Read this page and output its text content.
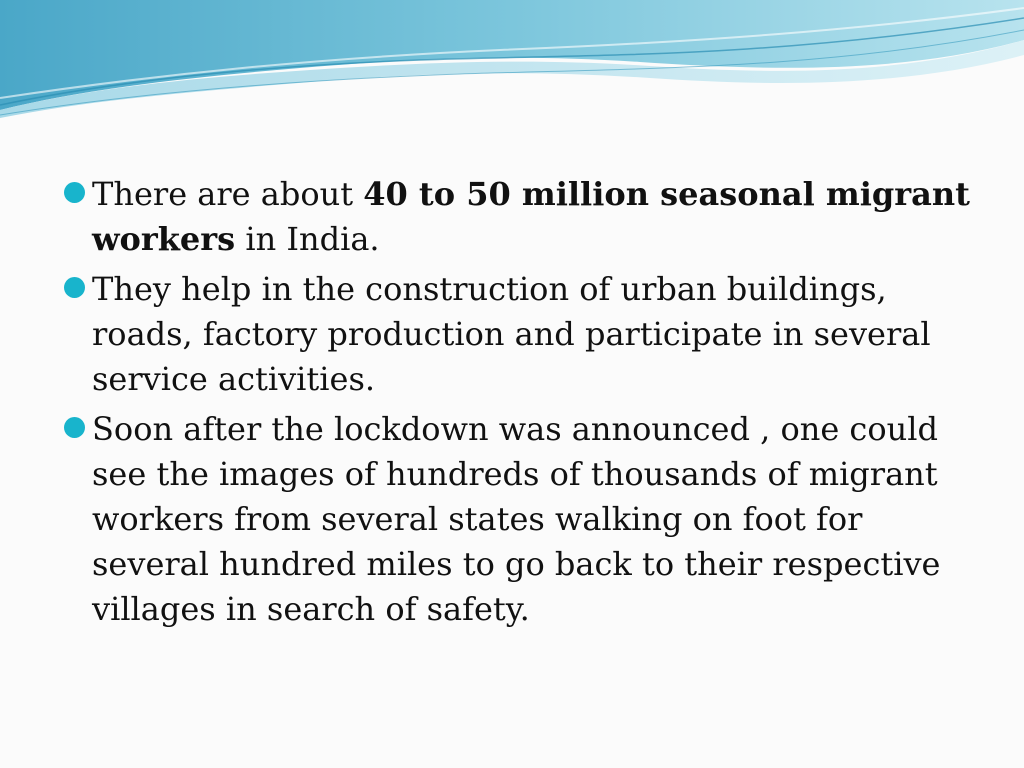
There are about 40 to 50 million seasonal migrant workers in India.
They help in the construction of urban buildings, roads, factory production and participate in several service activities.
Soon after the lockdown was announced , one could see the images of hundreds of thousands of migrant workers from several states walking on foot for several hundred miles to go back to their respective villages in search of safety.
